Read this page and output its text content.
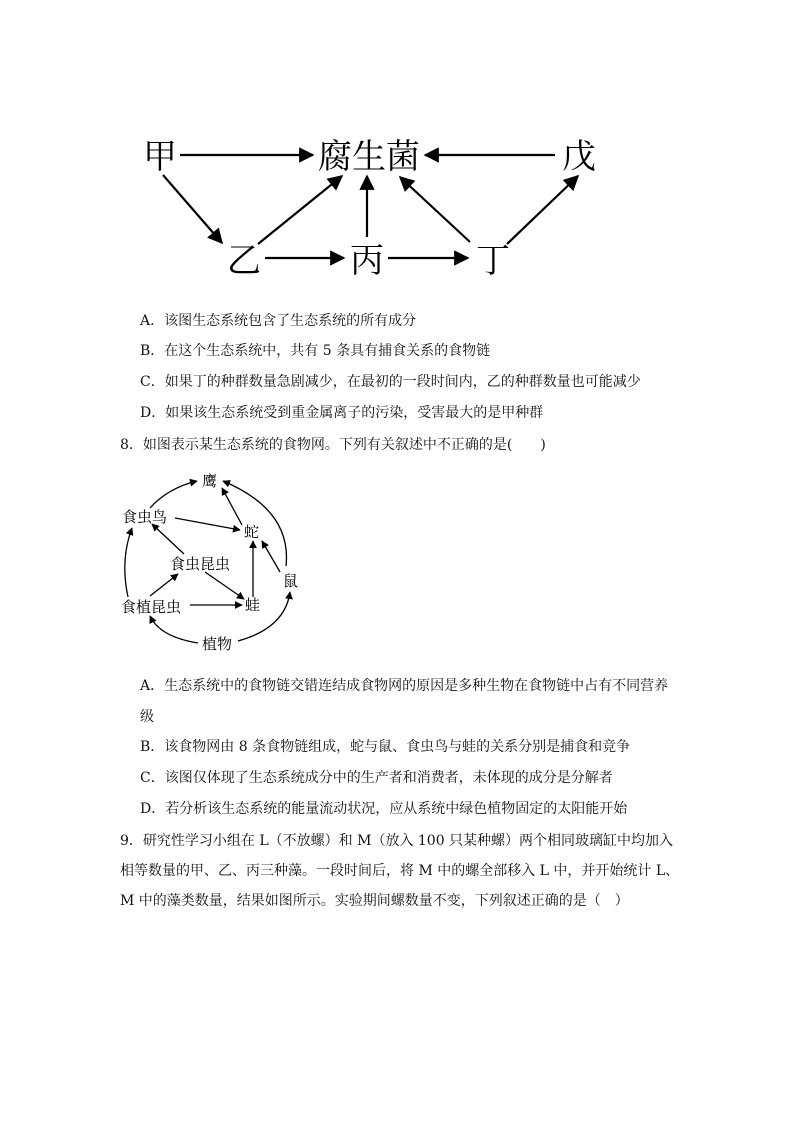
甲	腐生菌	戊
乙	丙	丁
A．该图生态系统包含了生态系统的所有成分
B．在这个生态系统中，共有 5 条具有捕食关系的食物链
C．如果丁的种群数量急剧减少，在最初的一段时间内，乙的种群数量也可能减少
D．如果该生态系统受到重金属离子的污染，受害最大的是甲种群
8．如图表示某生态系统的食物网。下列有关叙述中不正确的是(　　)
鹰
食虫鸟
蛇
食虫昆虫
鼠
食植昆虫	蛙
植物
A．生态系统中的食物链交错连结成食物网的原因是多种生物在食物链中占有不同营养
级
B．该食物网由 8 条食物链组成，蛇与鼠、食虫鸟与蛙的关系分别是捕食和竞争
C．该图仅体现了生态系统成分中的生产者和消费者，未体现的成分是分解者
D．若分析该生态系统的能量流动状况，应从系统中绿色植物固定的太阳能开始
9．研究性学习小组在 L（不放螺）和 M（放入 100 只某种螺）两个相同玻璃缸中均加入相等数量的甲、乙、丙三种藻。一段时间后，将 M 中的螺全部移入 L 中，并开始统计 L、M 中的藻类数量，结果如图所示。实验期间螺数量不变，下列叙述正确的是（　）
